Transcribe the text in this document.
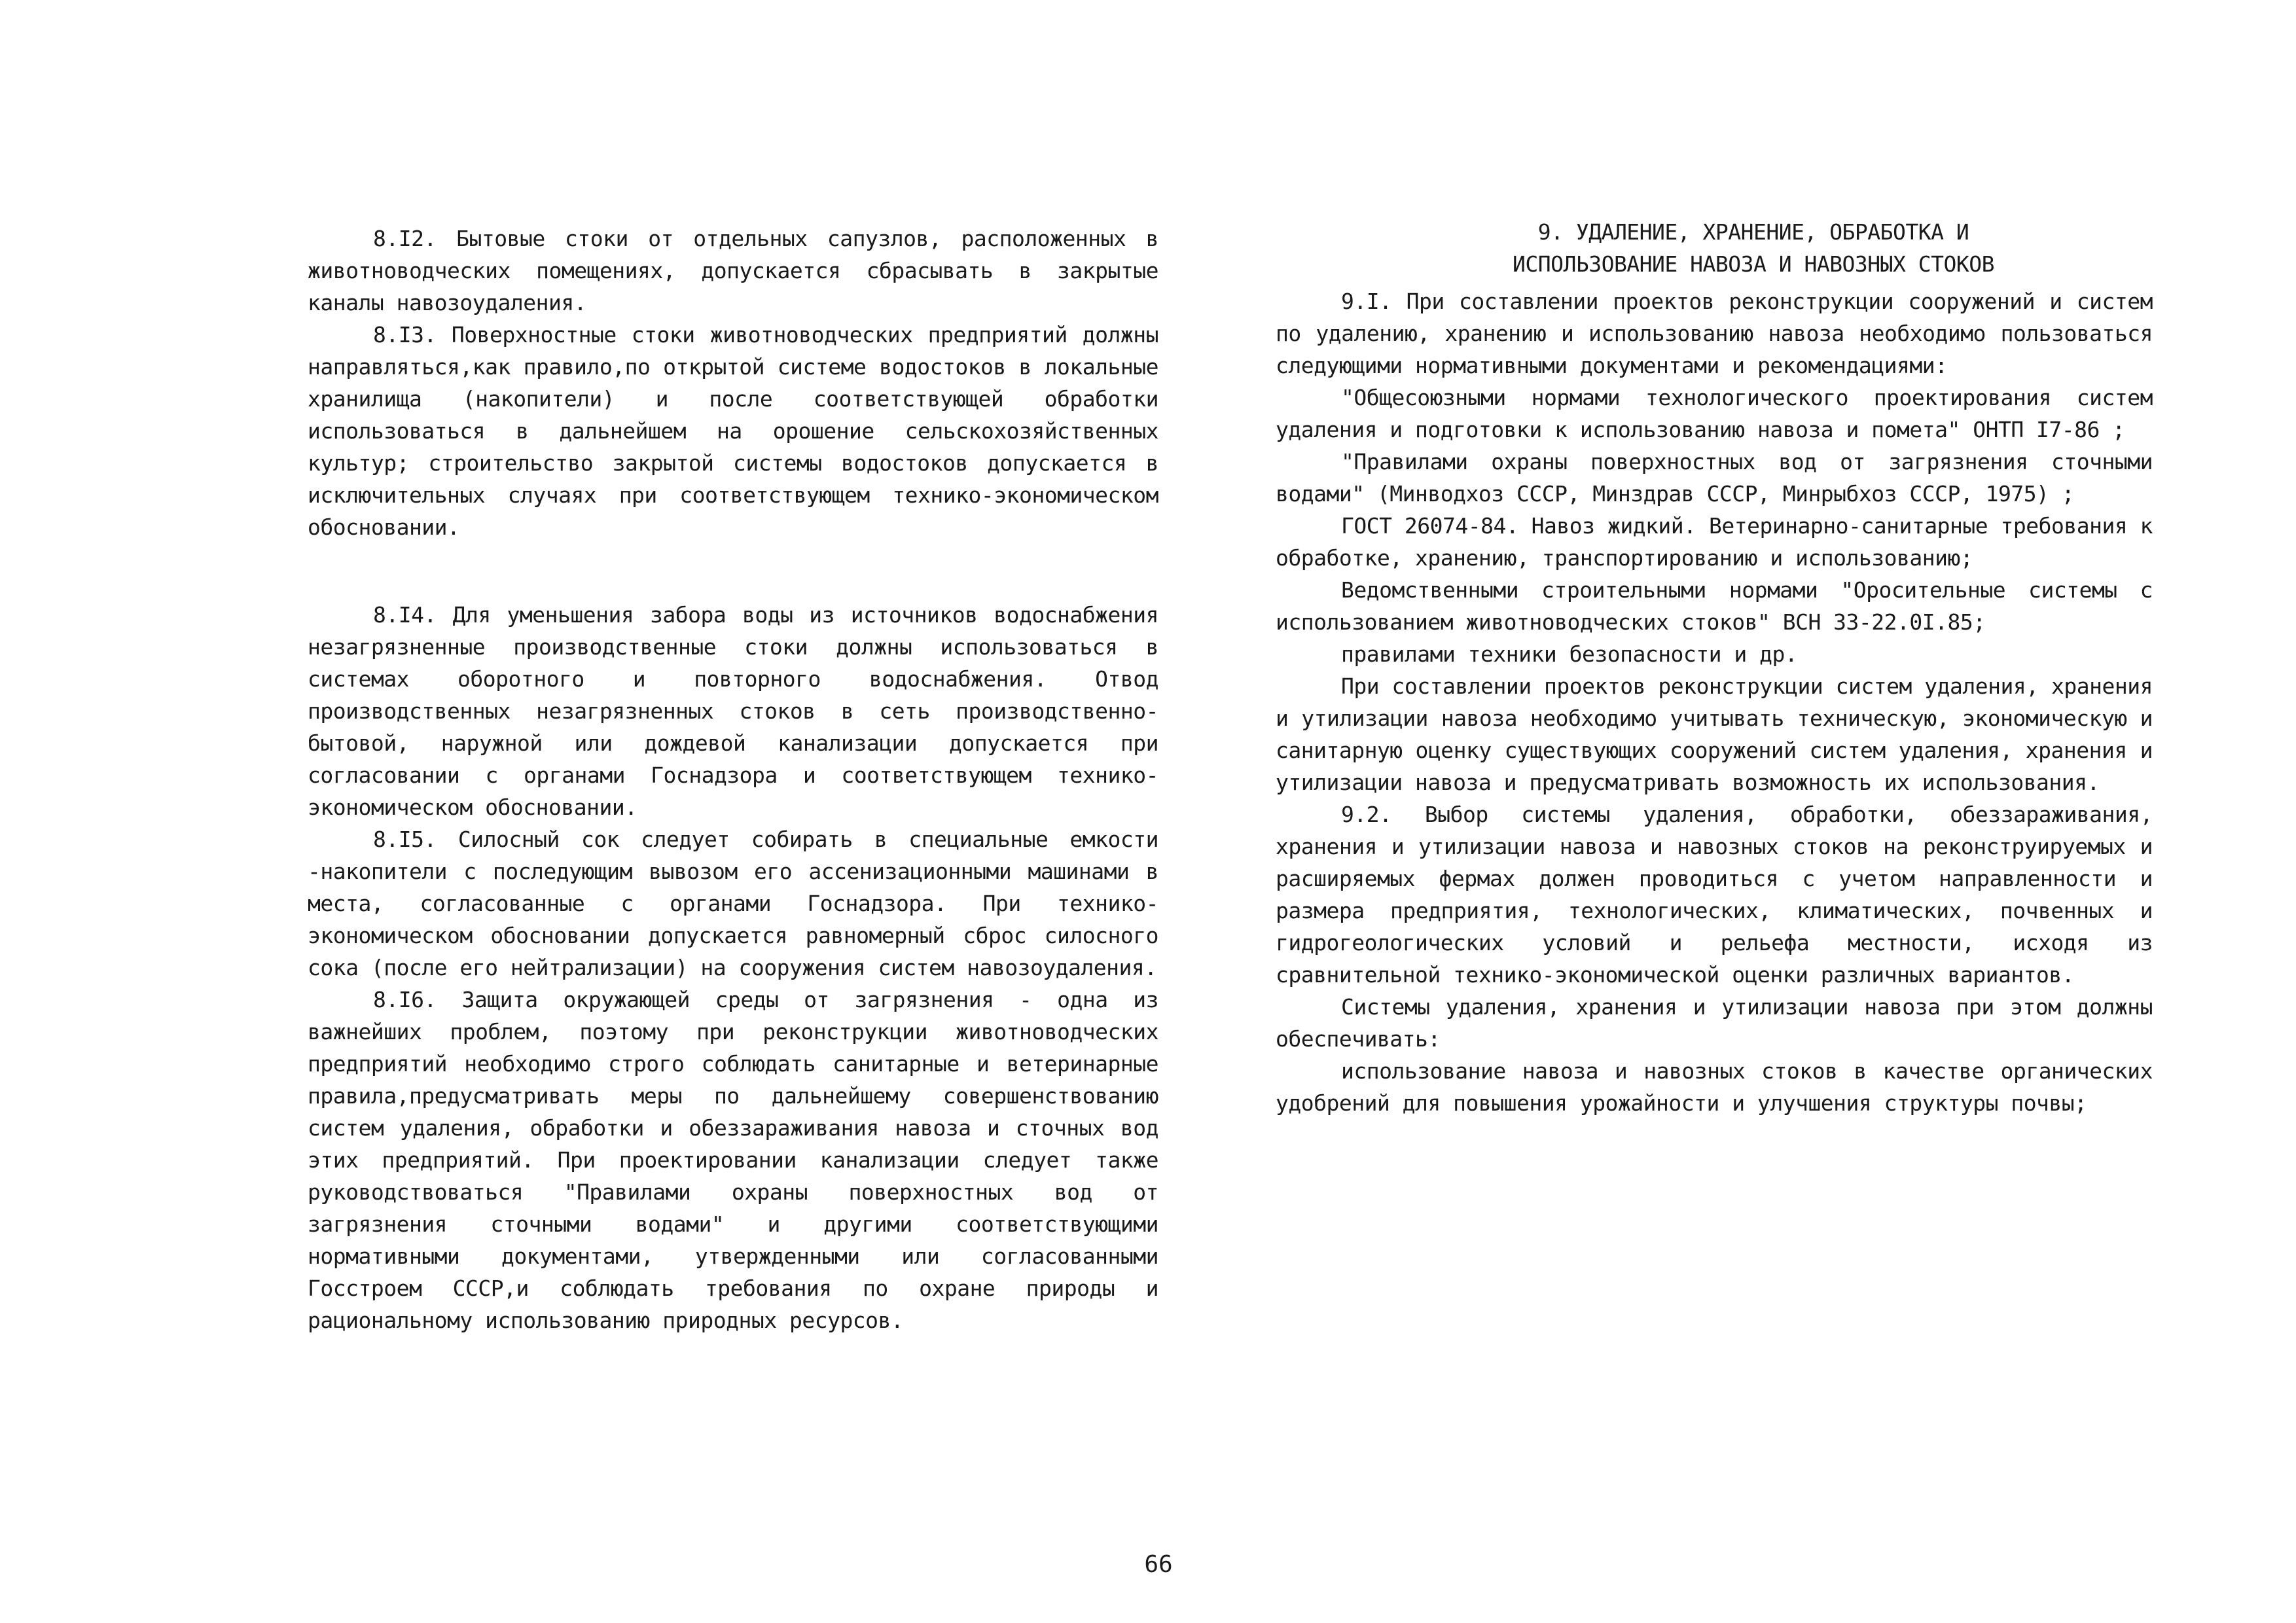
8.I2. Бытовые стоки от отдельных сапузлов, расположенных в животноводческих помещениях, допускается сбрасывать в закрытые каналы навозоудаления.

8.I3. Поверхностные стоки животноводческих предприятий должны направляться,как правило,по открытой системе водостоков в локальные хранилища (накопители) и после соответствующей обработки использоваться в дальнейшем на орошение сельскохозяйственных культур; строительство закрытой системы водостоков допускается в исключительных случаях при соответствующем технико-экономическом обосновании.

8.I4. Для уменьшения забора воды из источников водоснабжения незагрязненные производственные стоки должны использоваться в системах оборотного и повторного водоснабжения. Отвод производственных незагрязненных стоков в сеть производственно-бытовой, наружной или дождевой канализации допускается при согласовании с органами Госнадзора и соответствующем технико-экономическом обосновании.

8.I5. Силосный сок следует собирать в специальные емкости -накопители с последующим вывозом его ассенизационными машинами в места, согласованные с органами Госнадзора. При технико-экономическом обосновании допускается равномерный сброс силосного сока (после его нейтрализации) на сооружения систем навозоудаления.

8.I6. Защита окружающей среды от загрязнения - одна из важнейших проблем, поэтому при реконструкции животноводческих предприятий необходимо строго соблюдать санитарные и ветеринарные правила,предусматривать меры по дальнейшему совершенствованию систем удаления, обработки и обеззараживания навоза и сточных вод этих предприятий. При проектировании канализации следует также руководствоваться "Правилами охраны поверхностных вод от загрязнения сточными водами" и другими соответствующими нормативными документами, утвержденными или согласованными Госстроем СССР,и соблюдать требования по охране природы и рациональному использованию природных ресурсов.

9. УДАЛЕНИЕ, ХРАНЕНИЕ, ОБРАБОТКА И
ИСПОЛЬЗОВАНИЕ НАВОЗА И НАВОЗНЫХ СТОКОВ

9.I. При составлении проектов реконструкции сооружений и систем по удалению, хранению и использованию навоза необходимо пользоваться следующими нормативными документами и рекомендациями:

"Общесоюзными нормами технологического проектирования систем удаления и подготовки к использованию навоза и помета" ОНТП I7-86 ;

"Правилами охраны поверхностных вод от загрязнения сточными водами" (Минводхоз СССР, Минздрав СССР, Минрыбхоз СССР, 1975) ;

ГОСТ 26074-84. Навоз жидкий. Ветеринарно-санитарные требования к обработке, хранению, транспортированию и использованию;

Ведомственными строительными нормами "Оросительные системы с использованием животноводческих стоков" ВСН 33-22.0I.85;

правилами техники безопасности и др.

При составлении проектов реконструкции систем удаления, хранения и утилизации навоза необходимо учитывать техническую, экономическую и санитарную оценку существующих сооружений систем удаления, хранения и утилизации навоза и предусматривать возможность их использования.

9.2. Выбор системы удаления, обработки, обеззараживания, хранения и утилизации навоза и навозных стоков на реконструируемых и расширяемых фермах должен проводиться с учетом направленности и размера предприятия, технологических, климатических, почвенных и гидрогеологических условий и рельефа местности, исходя из сравнительной технико-экономической оценки различных вариантов.

Системы удаления, хранения и утилизации навоза при этом должны обеспечивать:

использование навоза и навозных стоков в качестве органических удобрений для повышения урожайности и улучшения структуры почвы;

66
